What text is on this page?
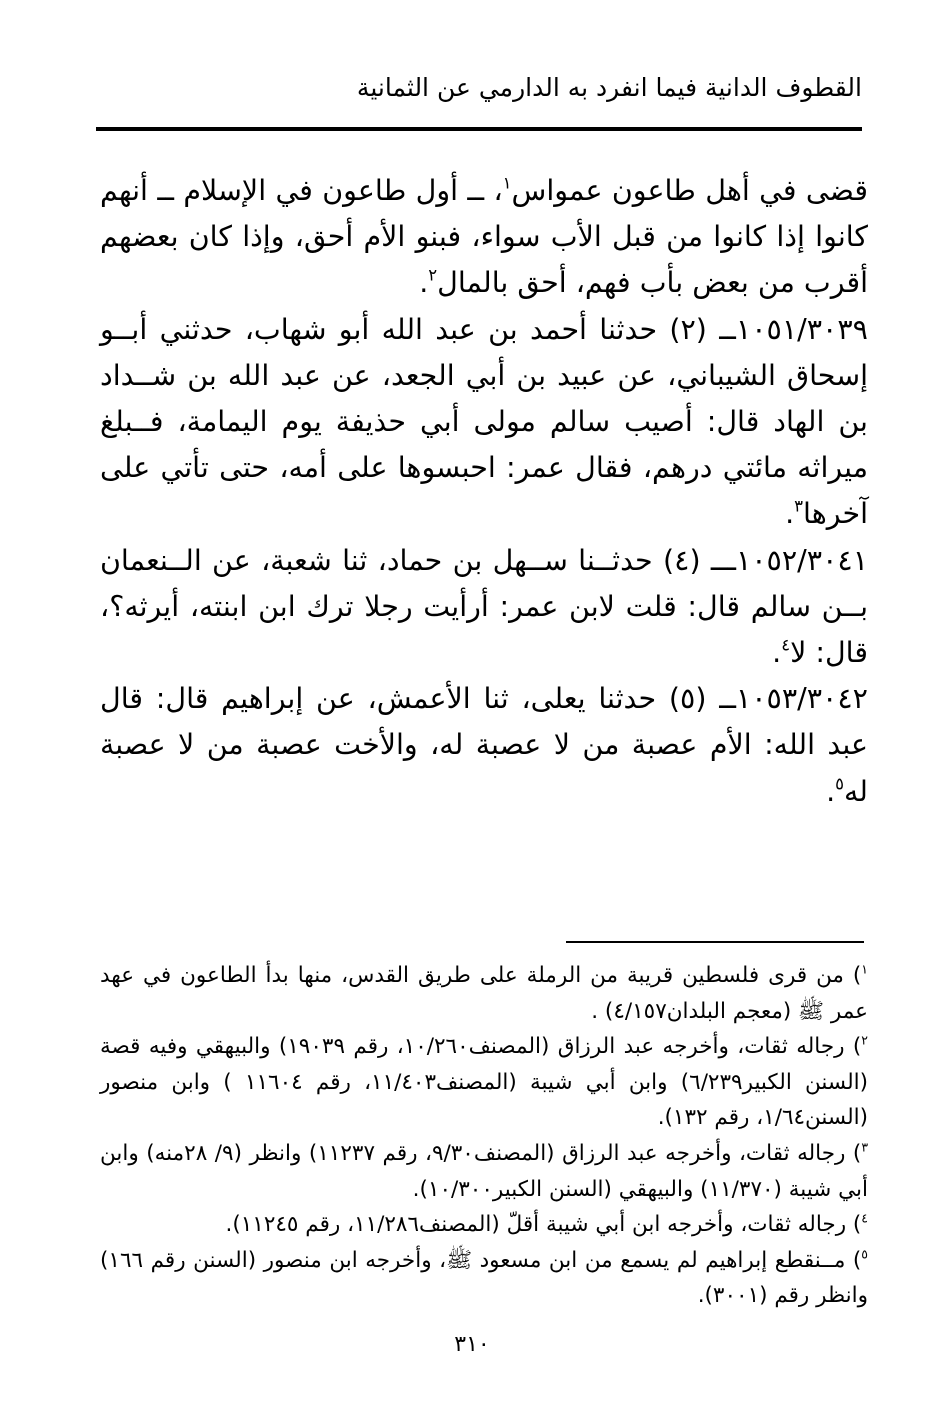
القطوف الدانية فيما انفرد به الدارمي عن الثمانية

قضى في أهل طاعون عمواس$^١$، ــ أول طاعون في الإسلام ــ أنهم كانوا إذا كانوا من قبل الأب سواء، فبنو الأم أحق، وإذا كان بعضهم أقرب من بعض بأب فهم، أحق بالمال$^٢$.

١٠٥١/٣٠٣٩ــ (٢) حدثنا أحمد بن عبد الله أبو شهاب، حدثني أبــو إسحاق الشيباني، عن عبيد بن أبي الجعد، عن عبد الله بن شــداد بن الهاد قال: أصيب سالم مولى أبي حذيفة يوم اليمامة، فــبلغ ميراثه مائتي درهم، فقال عمر: احبسوها على أمه، حتى تأتي على آخرها$^٣$.

١٠٥٢/٣٠٤١ـــ (٤) حدثــنا ســهل بن حماد، ثنا شعبة، عن الــنعمان بــن سالم قال: قلت لابن عمر: أرأيت رجلا ترك ابن ابنته، أيرثه؟، قال: لا$^٤$.

١٠٥٣/٣٠٤٢ــ (٥) حدثنا يعلى، ثنا الأعمش، عن إبراهيم قال: قال عبد الله: الأم عصبة من لا عصبة له، والأخت عصبة من لا عصبة له$^٥$.

$^١$) من قرى فلسطين قريبة من الرملة على طريق القدس، منها بدأ الطاعون في عهد عمر ﷺ (معجم البلدان٤/١٥٧) .

$^٢$) رجاله ثقات، وأخرجه عبد الرزاق (المصنف١٠/٢٦٠، رقم ١٩٠٣٩) والبيهقي وفيه قصة (السنن الكبير٦/٢٣٩) وابن أبي شيبة (المصنف١١/٤٠٣، رقم ١١٦٠٤ ) وابن منصور (السنن١/٦٤، رقم ١٣٢).

$^٣$) رجاله ثقات، وأخرجه عبد الرزاق (المصنف٩/٣٠، رقم ١١٢٣٧) وانظر (٩/ ٢٨منه) وابن أبي شيبة (١١/٣٧٠) والبيهقي (السنن الكبير١٠/٣٠٠).

$^٤$) رجاله ثقات، وأخرجه ابن أبي شيبة أقلّ (المصنف١١/٢٨٦، رقم ١١٢٤٥).

$^٥$) مــنقطع إبراهيم لم يسمع من ابن مسعود ﷺ، وأخرجه ابن منصور (السنن رقم ١٦٦) وانظر رقم (٣٠٠١).

٣١٠
